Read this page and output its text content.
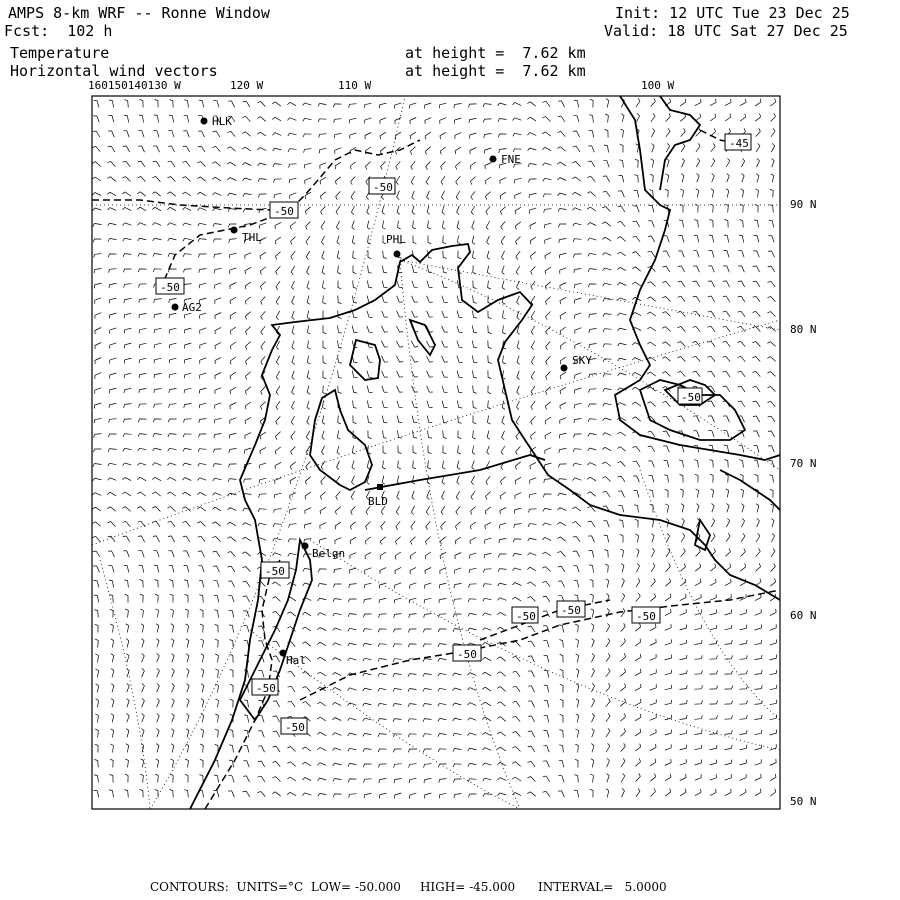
AMPS 8-km WRF -- Ronne Window
Fcst:  102 h
Init: 12 UTC Tue 23 Dec 25
Valid: 18 UTC Sat 27 Dec 25
Temperature
Horizontal wind vectors
at height =  7.62 km
at height =  7.62 km
HLK
FNE
THL	PHL
AG2
SKY
BLD
Belgn
Hal
-45
-50
-50
-50
-50
-50 -50	-50
-50
-50
-50
-50
160150140130 W	120 W	110 W	100 W
90 N
80 N
70 N
60 N
50 N
CONTOURS:  UNITS=°C  LOW= -50.000     HIGH= -45.000      INTERVAL=   5.0000
